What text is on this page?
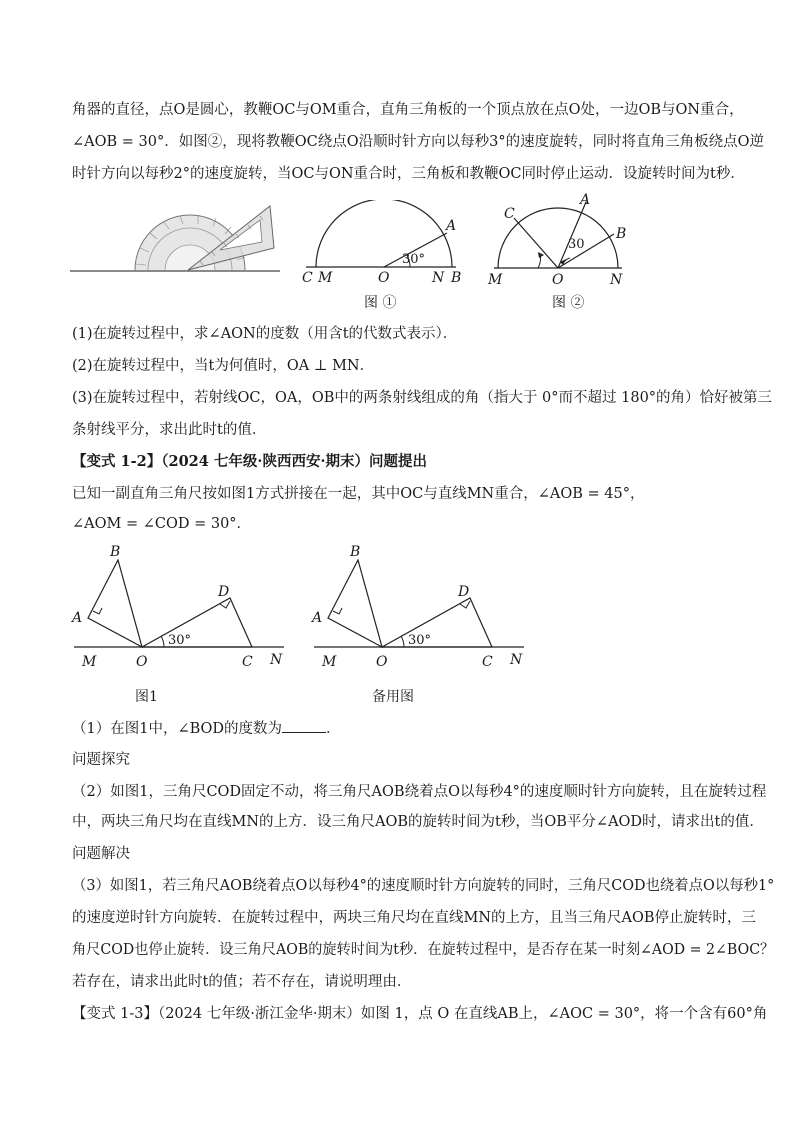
角器的直径，点O是圆心，教鞭OC与OM重合，直角三角板的一个顶点放在点O处，一边OB与ON重合，
∠AOB = 30°．如图②，现将教鞭OC绕点O沿顺时针方向以每秒3°的速度旋转，同时将直角三角板绕点O逆
时针方向以每秒2°的速度旋转，当OC与ON重合时，三角板和教鞭OC同时停止运动．设旋转时间为t秒．
30°
C M	O	N B
A
图 ①
30
C
A
B
M	O	N
图 ②
(1)在旋转过程中，求∠AON的度数（用含t的代数式表示）．
(2)在旋转过程中，当t为何值时，OA ⊥ MN．
(3)在旋转过程中，若射线OC，OA，OB中的两条射线组成的角（指大于 0°而不超过 180°的角）恰好被第三
条射线平分，求出此时t的值．
【变式 1-2】（2024 七年级·陕西西安·期末）问题提出
已知一副直角三角尺按如图1方式拼接在一起，其中OC与直线MN重合，∠AOB = 45°，
∠AOM = ∠COD = 30°．
30°
B
A
D
M	O	C N
图1
30°
B
A
D
M	O	C N
备用图
（1）在图1中，∠BOD的度数为	．
问题探究
（2）如图1，三角尺COD固定不动，将三角尺AOB绕着点O以每秒4°的速度顺时针方向旋转，且在旋转过程
中，两块三角尺均在直线MN的上方．设三角尺AOB的旋转时间为t秒，当OB平分∠AOD时，请求出t的值．
问题解决
（3）如图1，若三角尺AOB绕着点O以每秒4°的速度顺时针方向旋转的同时，三角尺COD也绕着点O以每秒1°
的速度逆时针方向旋转．在旋转过程中，两块三角尺均在直线MN的上方，且当三角尺AOB停止旋转时，三
角尺COD也停止旋转．设三角尺AOB的旋转时间为t秒．在旋转过程中，是否存在某一时刻∠AOD = 2∠BOC？
若存在，请求出此时t的值；若不存在，请说明理由．
【变式 1-3】（2024 七年级·浙江金华·期末）如图 1，点 O 在直线AB上，∠AOC = 30°，将一个含有60°角
